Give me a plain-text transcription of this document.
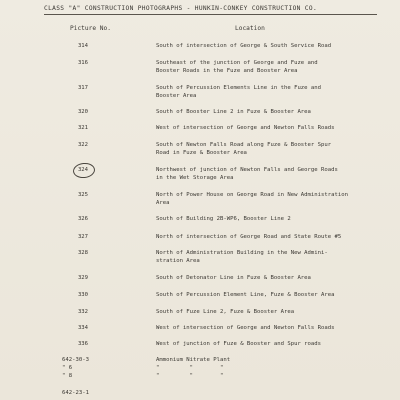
CLASS "A" CONSTRUCTION PHOTOGRAPHS - HUNKIN-CONKEY CONSTRUCTION CO.
Picture No.	Location
314	South of intersection of George & South Service Road
316	Southeast of the junction of George and Fuze and
Booster Roads in the Fuze and Booster Area
317	South of Percussion Elements Line in the Fuze and
Booster Area
320	South of Booster Line 2 in Fuze & Booster Area
321	West of intersection of George and Newton Falls Roads
322	South of Newton Falls Road along Fuze & Booster Spur
Road in Fuze & Booster Area
324	Northwest of junction of Newton Falls and George Roads
in the Wet Storage Area
325	North of Power House on George Road in New Administration
Area
326	South of Building 2B-WP6, Booster Line 2
327	North of intersection of George Road and State Route #5
328	North of Administration Building in the New Admini-
stration Area
329	South of Detonator Line in Fuze & Booster Area
330	South of Percussion Element Line, Fuze & Booster Area
332	South of Fuze Line 2, Fuze & Booster Area
334	West of intersection of George and Newton Falls Roads
336	West of junction of Fuze & Booster and Spur roads
642-30-3	Ammonium Nitrate Plant
" 6	"         "        "
" 8	"         "        "
642-23-1
